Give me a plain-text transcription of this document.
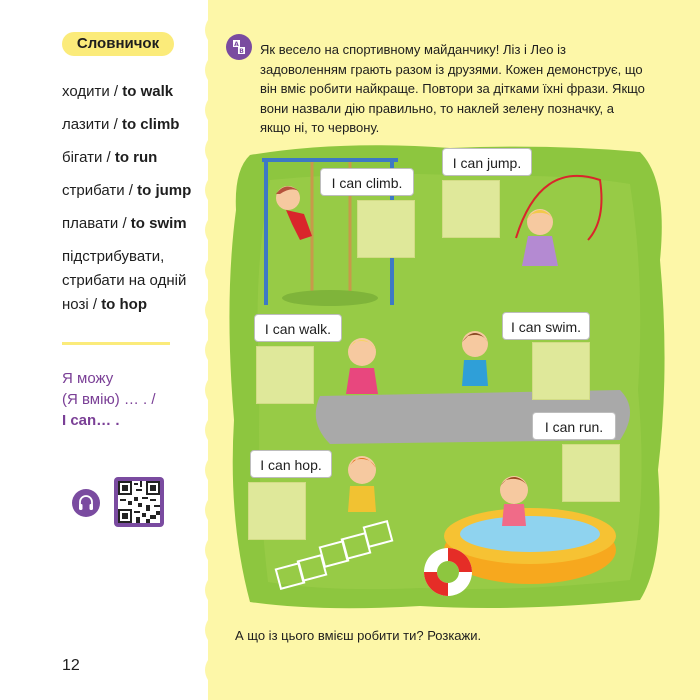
Словничок
ходити / to walk
лазити / to climb
бігати / to run
стрибати / to jump
плавати / to swim
підстрибувати, стрибати на одній нозі / to hop
Я можу
(Я вмію) … . /
I can… .
12
A
B Як весело на спортивному майданчику! Ліз і Лео із задоволенням грають разом із друзями. Кожен демонструє, що він вміє робити найкраще. Повтори за дітками їхні фрази. Якщо вони назвали дію правильно, то наклей зелену позначку, а якщо ні, то червону.

I can climb.
I can jump.
I can walk.	I can swim.
I can run.
I can hop.
А що із цього вмієш робити ти? Розкажи.
